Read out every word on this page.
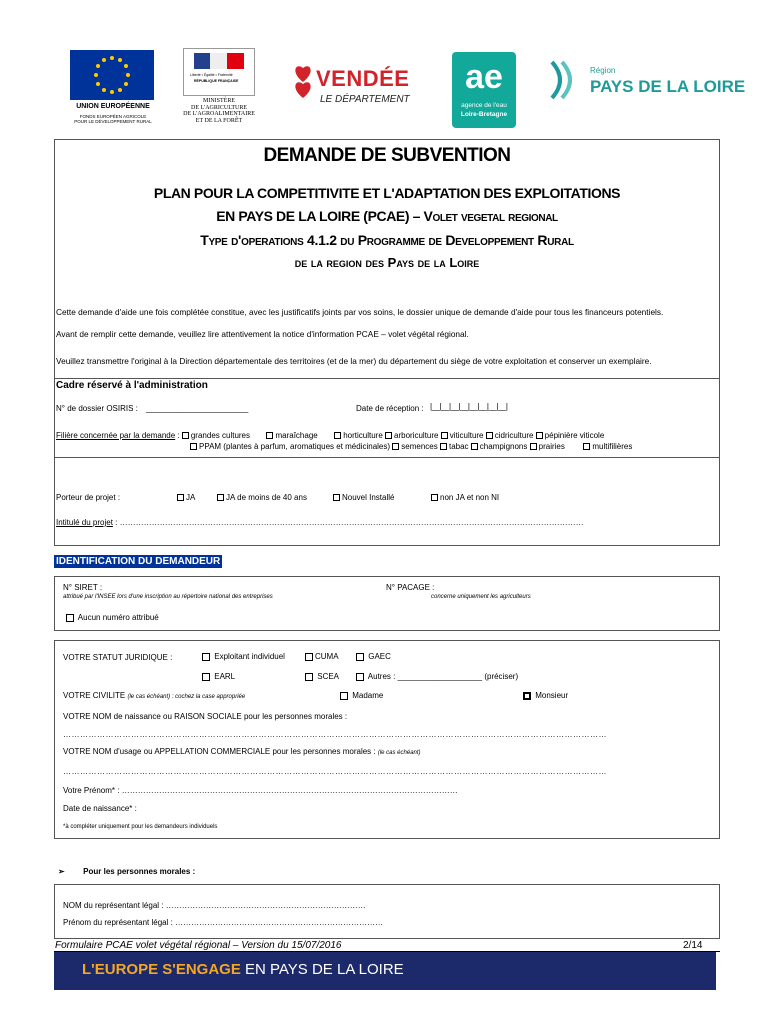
UNION EUROPÉENNE
FONDS EUROPÉEN AGRICOLE
POUR LE DÉVELOPPEMENT RURAL
Liberté • Égalité • Fraternité
RÉPUBLIQUE FRANÇAISE
MINISTÈRE
DE L'AGRICULTURE
DE L'AGROALIMENTAIRE
ET DE LA FORÊT
VENDÉE
LE DÉPARTEMENT
ae
agence de l'eau
Loire-Bretagne
Région
PAYS DE LA LOIRE
DEMANDE DE SUBVENTION
PLAN POUR LA COMPETITIVITE ET L'ADAPTATION DES EXPLOITATIONS
EN PAYS DE LA LOIRE (PCAE) – Volet vegetal regional
Type d'operations 4.1.2 du Programme de Developpement Rural
de la region des Pays de la Loire
Cette demande d'aide une fois complétée constitue, avec les justificatifs joints par vos soins, le dossier unique de demande d'aide pour tous les financeurs potentiels.
Avant de remplir cette demande, veuillez lire attentivement la notice d'information PCAE – volet végétal régional.
Veuillez transmettre l'original à la Direction départementale des territoires (et de la mer) du département du siège de votre exploitation et conserver un exemplaire.
Cadre réservé à l'administration
N° de dossier OSIRIS : _______________________	Date de réception : |__|__|__|__|__|__|__|__|
Filière concernée par la demande : grandes cultures	maraîchage	horticulture arboriculture viticulture cidriculture pépinière viticole
PPAM (plantes à parfum, aromatiques et médicinales) semences tabac champignons prairies	multifilières
Porteur de projet :	JA	JA de moins de 40 ans	Nouvel Installé	non JA et non NI
Intitulé du projet : …………………………………………………………………………………………………………………………………………………………
IDENTIFICATION DU DEMANDEUR
N° SIRET :
attribué par l'INSEE lors d'une inscription au répertoire national des entreprises
N° PACAGE :
concerne uniquement les agriculteurs
Aucun numéro attribué
VOTRE STATUT JURIDIQUE :	Exploitant individuel	CUMA	GAEC
EARL	SCEA	Autres : ___________________ (préciser)
VOTRE CIVILITE (le cas échéant) : cochez la case appropriée	Madame	Monsieur
VOTRE NOM de naissance ou RAISON SOCIALE pour les personnes morales :
…………………………………………………………………………………………………………………………………………………………………………
VOTRE NOM d'usage ou APPELLATION COMMERCIALE pour les personnes morales : (le cas échéant)
…………………………………………………………………………………………………………………………………………………………………………
Votre Prénom* : ………………………………………………………………………………………………………………
Date de naissance* :
*à compléter uniquement pour les demandeurs individuels
➢ Pour les personnes morales :
NOM du représentant légal : …………………………………………………………………
Prénom du représentant légal : ……………………………………………………………………
Formulaire PCAE volet végétal régional – Version du 15/07/2016	2/14
L'EUROPE S'ENGAGE EN PAYS DE LA LOIRE
